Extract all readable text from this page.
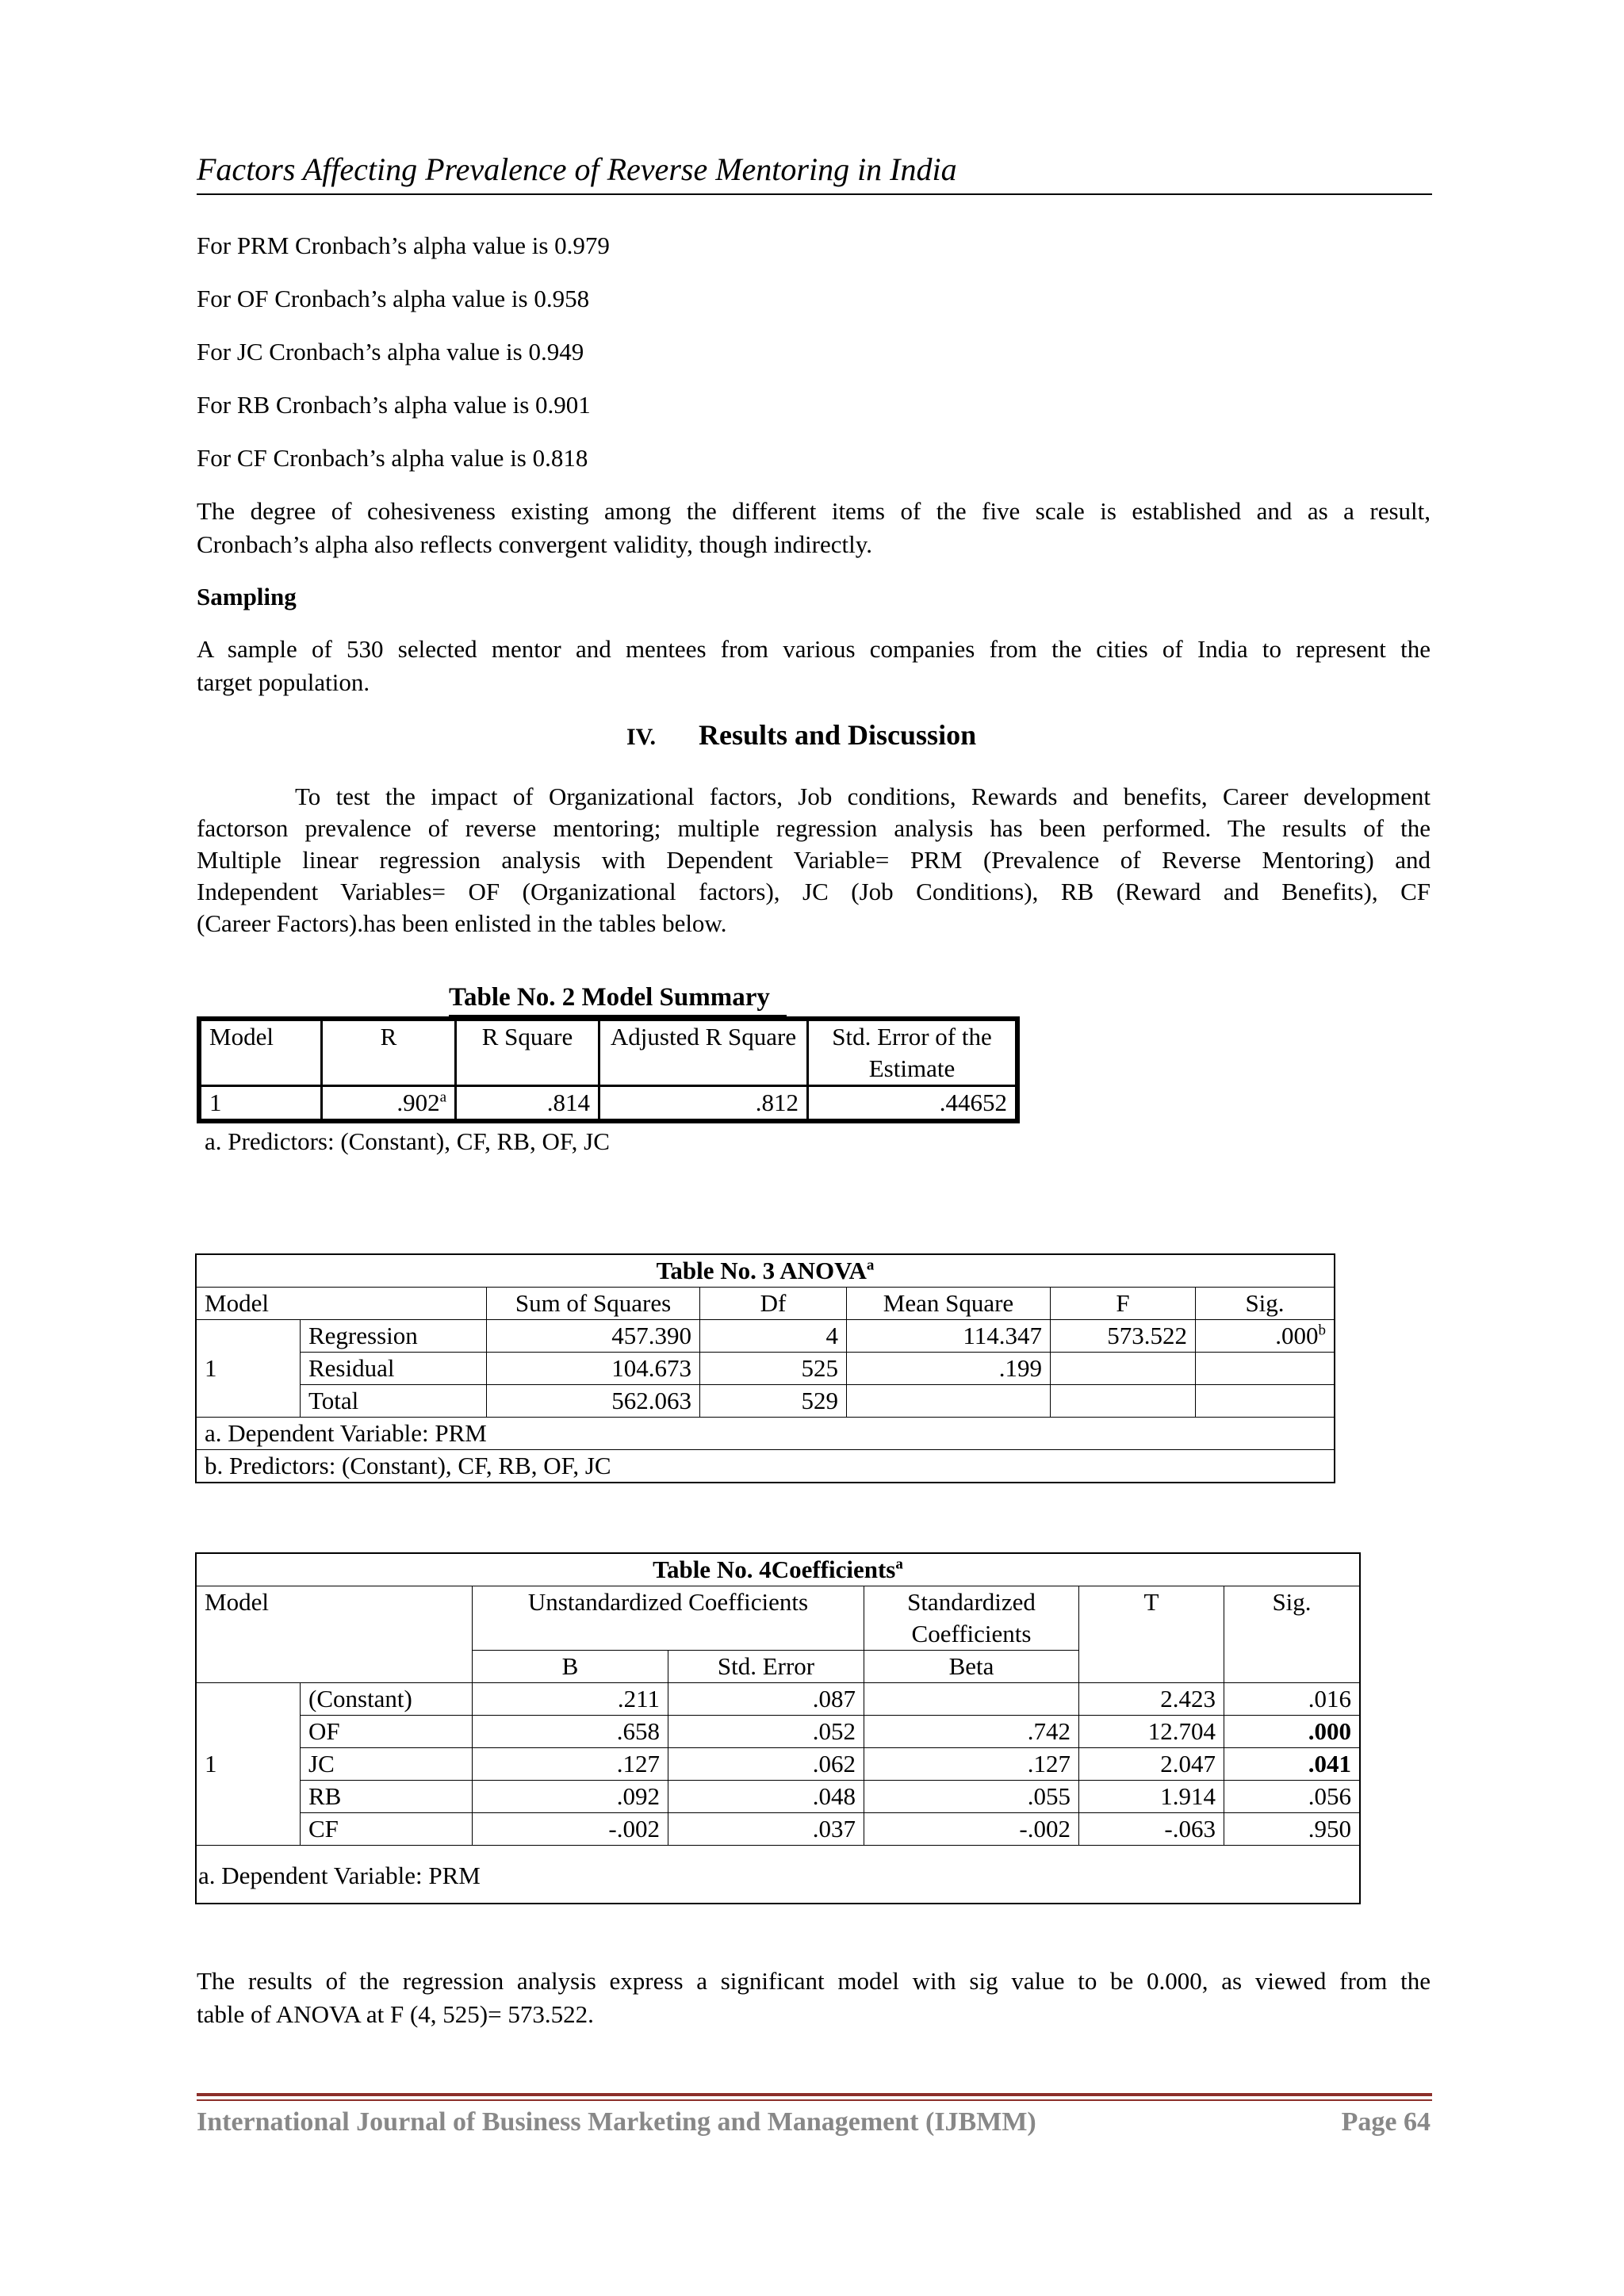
Factors Affecting Prevalence of Reverse Mentoring in India
For PRM Cronbach’s alpha value is 0.979
For OF Cronbach’s alpha value is 0.958
For JC Cronbach’s alpha value is 0.949
For RB Cronbach’s alpha value is 0.901
For CF Cronbach’s alpha value is 0.818
The degree of cohesiveness existing among the different items of the five scale is established and as a result,
Cronbach’s alpha also reflects convergent validity, though indirectly.
Sampling
A sample of 530 selected mentor and mentees from various companies from the cities of India to represent the
target population.
IV. Results and Discussion
To test the impact of Organizational factors, Job conditions, Rewards and benefits, Career development
factorson prevalence of reverse mentoring; multiple regression analysis has been performed. The results of the
Multiple linear regression analysis with Dependent Variable= PRM (Prevalence of Reverse Mentoring) and
Independent Variables= OF (Organizational factors), JC (Job Conditions), RB (Reward and Benefits), CF
(Career Factors).has been enlisted in the tables below.
Table No. 2 Model Summary
Model	R	R Square	Adjusted R Square	Std. Error of the Estimate
1	.902$^a$	.814	.812	.44652
a. Predictors: (Constant), CF, RB, OF, JC
Table No. 3 ANOVA$^a$
Model		Sum of Squares	Df	Mean Square	F	Sig.
1	Regression	457.390	4	114.347	573.522	.000$^b$
	Residual	104.673	525	.199		
	Total	562.063	529			
a. Dependent Variable: PRM						
b. Predictors: (Constant), CF, RB, OF, JC						
Table No. 4Coefficients$^a$
Model		Unstandardized Coefficients		Standardized Coefficients	T	Sig.
		B	Std. Error	Beta		
1	(Constant)	.211	.087		2.423	.016
	OF	.658	.052	.742	12.704	.000
	JC	.127	.062	.127	2.047	.041
	RB	.092	.048	.055	1.914	.056
	CF	-.002	.037	-.002	-.063	.950
a. Dependent Variable: PRM						
The results of the regression analysis express a significant model with sig value to be 0.000, as viewed from the
table of ANOVA at F (4, 525)= 573.522.
International Journal of Business Marketing and Management (IJBMM)	Page 64
